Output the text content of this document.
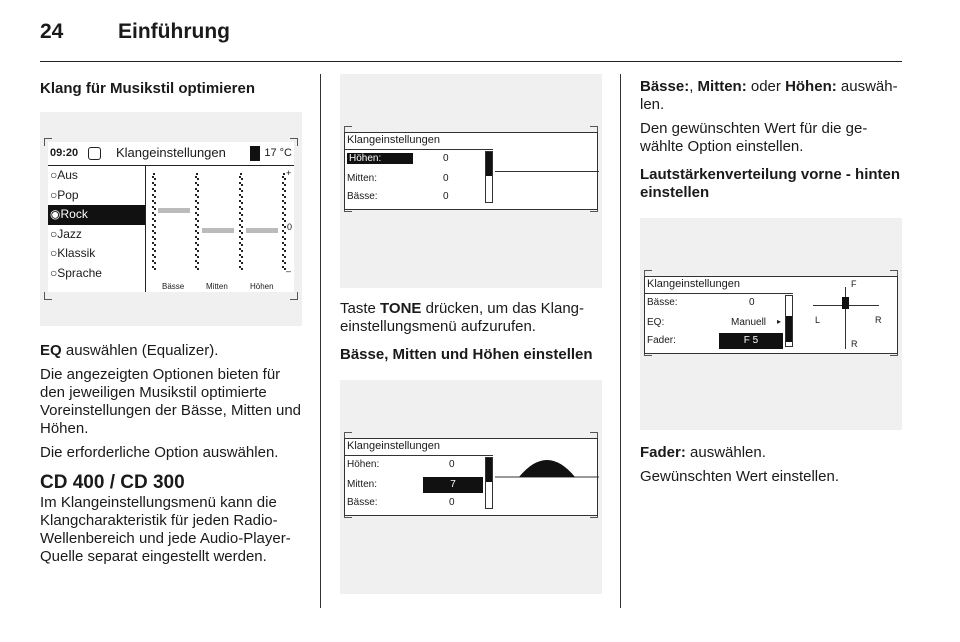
24	Einführung
Klang für Musikstil optimieren
09:20	Klangeinstellungen	17 °C
○Aus
○Pop
◉Rock
○Jazz
○Klassik
○Sprache
+
0
–
Bässe	Mitten	Höhen

EQ auswählen (Equalizer).

Die angezeigten Optionen bieten für den jeweiligen Musikstil optimierte Voreinstellungen der Bässe, Mitten und Höhen.

Die erforderliche Option auswählen.

CD 400 / CD 300

Im Klangeinstellungsmenü kann die Klangcharakteristik für jeden Radio-Wellenbereich und jede Audio-Player-Quelle separat eingestellt werden.

Klangeinstellungen
Höhen:	0
Mitten:	0
Bässe:	0

Taste TONE drücken, um das Klang-einstellungsmenü aufzurufen.

Bässe, Mitten und Höhen einstellen
Klangeinstellungen
Höhen:	0
Mitten:	7
Bässe:	0

Bässe:, Mitten: oder Höhen: auswäh-len.

Den gewünschten Wert für die ge-wählte Option einstellen.

Lautstärkenverteilung vorne - hinten einstellen
Klangeinstellungen
Bässe:	0
EQ:	Manuell ▸
Fader:	F 5
F
L	R
R

Fader: auswählen.

Gewünschten Wert einstellen.
